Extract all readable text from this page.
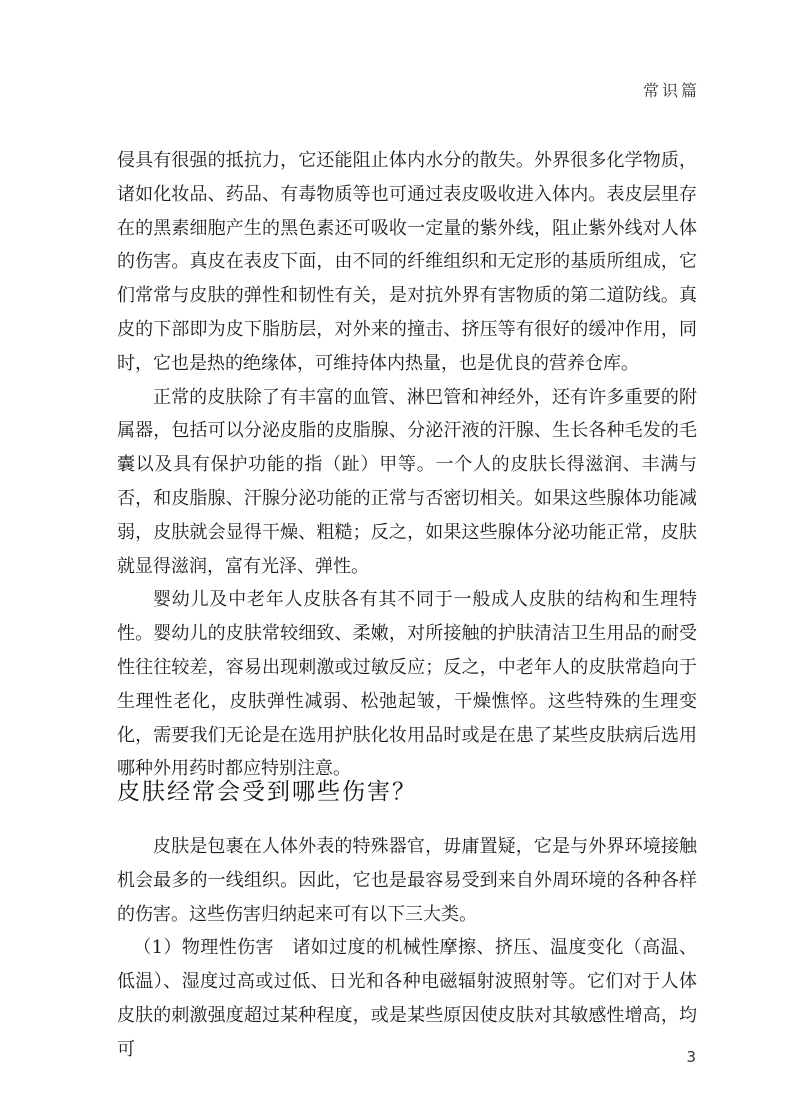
常识篇

侵具有很强的抵抗力，它还能阻止体内水分的散失。外界很多化学物质，诸如化妆品、药品、有毒物质等也可通过表皮吸收进入体内。表皮层里存在的黑素细胞产生的黑色素还可吸收一定量的紫外线，阻止紫外线对人体的伤害。真皮在表皮下面，由不同的纤维组织和无定形的基质所组成，它们常常与皮肤的弹性和韧性有关，是对抗外界有害物质的第二道防线。真皮的下部即为皮下脂肪层，对外来的撞击、挤压等有很好的缓冲作用，同时，它也是热的绝缘体，可维持体内热量，也是优良的营养仓库。

正常的皮肤除了有丰富的血管、淋巴管和神经外，还有许多重要的附属器，包括可以分泌皮脂的皮脂腺、分泌汗液的汗腺、生长各种毛发的毛囊以及具有保护功能的指（趾）甲等。一个人的皮肤长得滋润、丰满与否，和皮脂腺、汗腺分泌功能的正常与否密切相关。如果这些腺体功能减弱，皮肤就会显得干燥、粗糙；反之，如果这些腺体分泌功能正常，皮肤就显得滋润，富有光泽、弹性。

婴幼儿及中老年人皮肤各有其不同于一般成人皮肤的结构和生理特性。婴幼儿的皮肤常较细致、柔嫩，对所接触的护肤清洁卫生用品的耐受性往往较差，容易出现刺激或过敏反应；反之，中老年人的皮肤常趋向于生理性老化，皮肤弹性减弱、松弛起皱，干燥憔悴。这些特殊的生理变化，需要我们无论是在选用护肤化妆用品时或是在患了某些皮肤病后选用哪种外用药时都应特别注意。

皮肤经常会受到哪些伤害？

皮肤是包裹在人体外表的特殊器官，毋庸置疑，它是与外界环境接触机会最多的一线组织。因此，它也是最容易受到来自外周环境的各种各样的伤害。这些伤害归纳起来可有以下三大类。

（1）物理性伤害　诸如过度的机械性摩擦、挤压、温度变化（高温、低温）、湿度过高或过低、日光和各种电磁辐射波照射等。它们对于人体皮肤的刺激强度超过某种程度，或是某些原因使皮肤对其敏感性增高，均可	3
